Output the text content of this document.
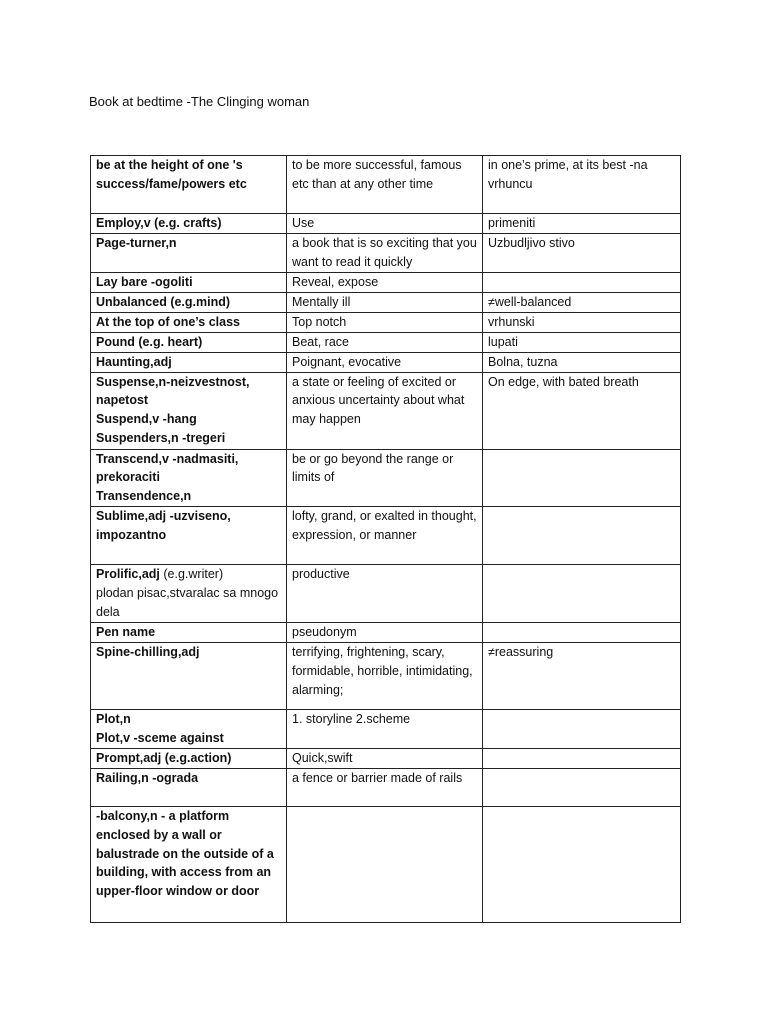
Book at bedtime -The Clinging woman
be at the height of one 's success/fame/powers etc	to be more successful, famous etc than at any other time	in one’s prime, at its best -na vrhuncu

Employ,v (e.g. crafts)	Use	primeniti

Page-turner,n	a book that is so exciting that you want to read it quickly	Uzbudljivo stivo

Lay bare -ogoliti	Reveal, expose	

Unbalanced (e.g.mind)	Mentally ill	≠well-balanced

At the top of one’s class	Top notch	vrhunski

Pound (e.g. heart)	Beat, race	lupati

Haunting,adj	Poignant, evocative	Bolna, tuzna

Suspense,n-neizvestnost, napetost
Suspend,v -hang
Suspenders,n -tregeri	a state or feeling of excited or anxious uncertainty about what may happen	On edge, with bated breath

Transcend,v -nadmasiti, prekoraciti
Transendence,n	be or go beyond the range or limits of	

Sublime,adj -uzviseno, impozantno	lofty, grand, or exalted in thought, expression, or manner	

Prolific,adj (e.g.writer)
plodan pisac,stvaralac sa mnogo dela	productive	

Pen name	pseudonym	

Spine-chilling,adj	terrifying, frightening, scary, formidable, horrible, intimidating, alarming;	≠reassuring

Plot,n
Plot,v -sceme against	1. storyline 2.scheme	

Prompt,adj (e.g.action)	Quick,swift	

Railing,n -ograda	a fence or barrier made of rails	

-balcony,n - a platform enclosed by a wall or balustrade on the outside of a building, with access from an upper-floor window or door		
